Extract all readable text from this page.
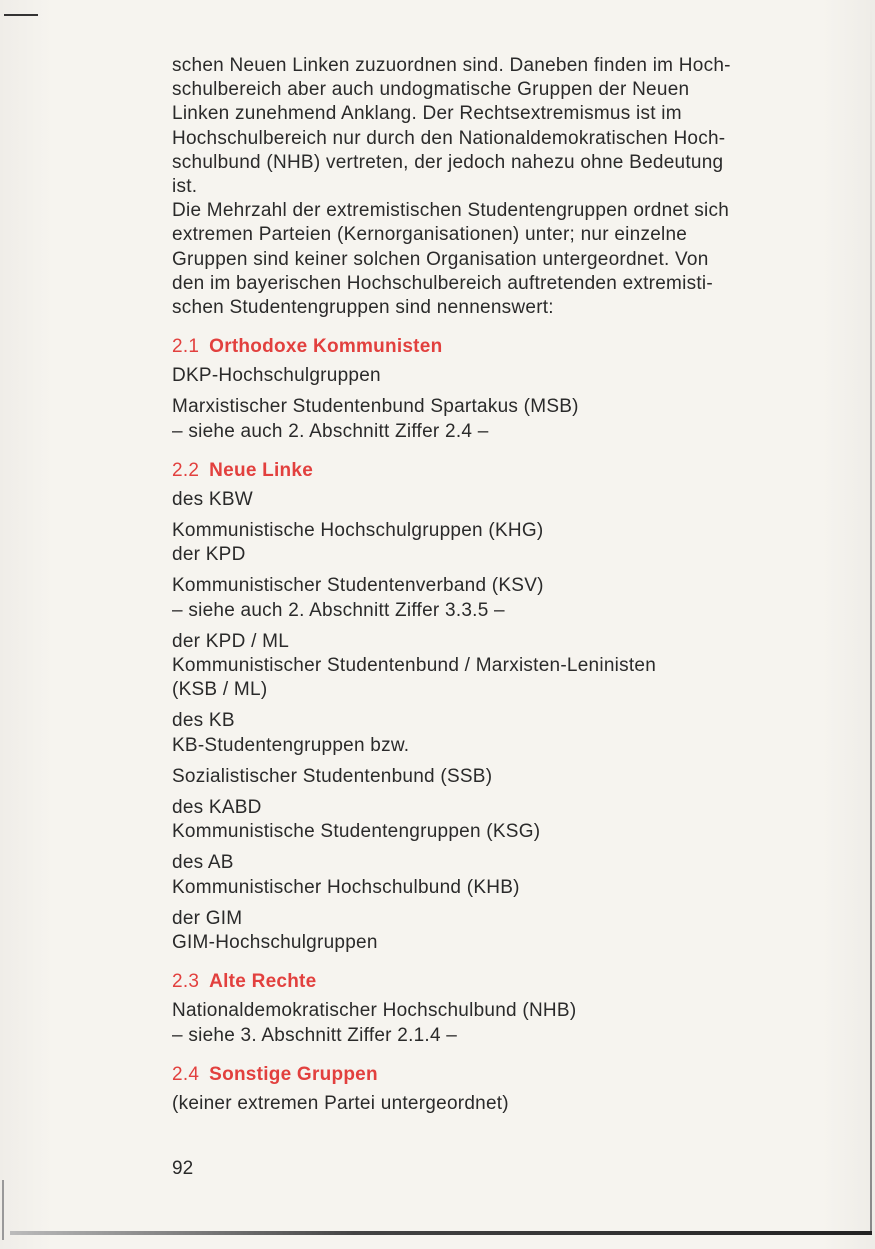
schen Neuen Linken zuzuordnen sind. Daneben finden im Hoch-
schulbereich aber auch undogmatische Gruppen der Neuen
Linken zunehmend Anklang. Der Rechtsextremismus ist im
Hochschulbereich nur durch den Nationaldemokratischen Hoch-
schulbund (NHB) vertreten, der jedoch nahezu ohne Bedeutung
ist.
Die Mehrzahl der extremistischen Studentengruppen ordnet sich
extremen Parteien (Kernorganisationen) unter; nur einzelne
Gruppen sind keiner solchen Organisation untergeordnet. Von
den im bayerischen Hochschulbereich auftretenden extremisti-
schen Studentengruppen sind nennenswert:
2.1 Orthodoxe Kommunisten
DKP-Hochschulgruppen
Marxistischer Studentenbund Spartakus (MSB)
– siehe auch 2. Abschnitt Ziffer 2.4 –
2.2 Neue Linke
des KBW
Kommunistische Hochschulgruppen (KHG)
der KPD
Kommunistischer Studentenverband (KSV)
– siehe auch 2. Abschnitt Ziffer 3.3.5 –
der KPD / ML
Kommunistischer Studentenbund / Marxisten-Leninisten
(KSB / ML)
des KB
KB-Studentengruppen bzw.
Sozialistischer Studentenbund (SSB)
des KABD
Kommunistische Studentengruppen (KSG)
des AB
Kommunistischer Hochschulbund (KHB)
der GIM
GIM-Hochschulgruppen
2.3 Alte Rechte
Nationaldemokratischer Hochschulbund (NHB)
– siehe 3. Abschnitt Ziffer 2.1.4 –
2.4 Sonstige Gruppen
(keiner extremen Partei untergeordnet)
92
